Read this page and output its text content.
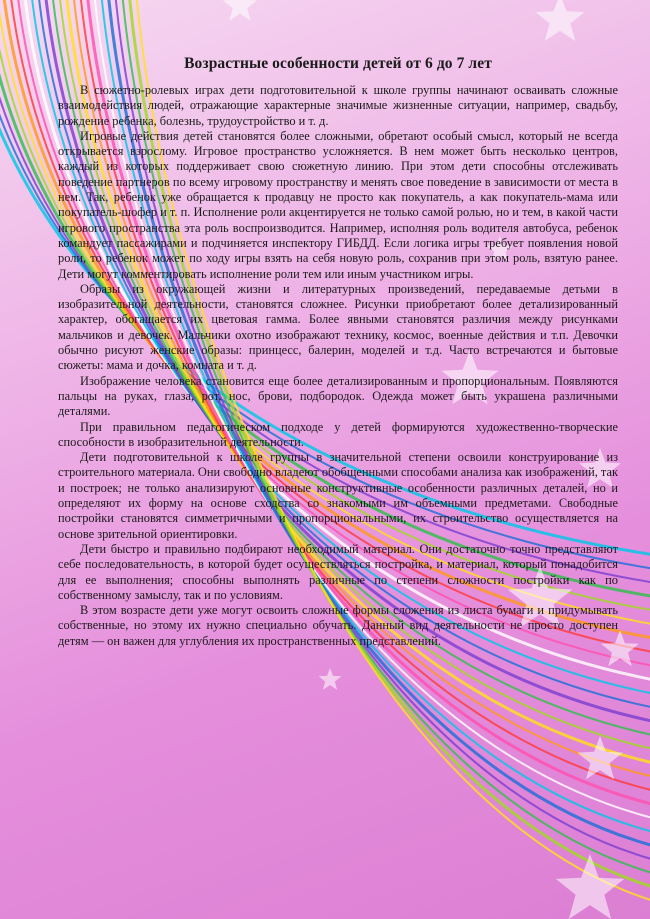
Возрастные особенности детей от 6 до 7 лет

В сюжетно-ролевых играх дети подготовительной к школе группы начинают осваивать сложные взаимодействия людей, отражающие характерные значимые жизненные ситуации, например, свадьбу, рождение ребенка, болезнь, трудоустройство и т. д.

Игровые действия детей становятся более сложными, обретают особый смысл, который не всегда открывается взрослому. Игровое пространство усложняется. В нем может быть несколько центров, каждый из которых поддерживает свою сюжетную линию. При этом дети способны отслеживать поведение партнеров по всему игровому пространству и менять свое поведение в зависимости от места в нем. Так, ребенок уже обращается к продавцу не просто как покупатель, а как покупатель-мама или покупатель-шофер и т. п. Исполнение роли акцентируется не только самой ролью, но и тем, в какой части игрового пространства эта роль воспроизводится. Например, исполняя роль водителя автобуса, ребенок командует пассажирами и подчиняется инспектору ГИБДД. Если логика игры требует появления новой роли, то ребенок может по ходу игры взять на себя новую роль, сохранив при этом роль, взятую ранее. Дети могут комментировать исполнение роли тем или иным участником игры.

Образы из окружающей жизни и литературных произведений, передаваемые детьми в изобразительной деятельности, становятся сложнее. Рисунки приобретают более детализированный характер, обогащается их цветовая гамма. Более явными становятся различия между рисунками мальчиков и девочек. Мальчики охотно изображают технику, космос, военные действия и т.п. Девочки обычно рисуют женские образы: принцесс, балерин, моделей и т.д. Часто встречаются и бытовые сюжеты: мама и дочка, комната и т. д.

Изображение человека становится еще более детализированным и пропорциональным. Появляются пальцы на руках, глаза, рот, нос, брови, подбородок. Одежда может быть украшена различными деталями.

При правильном педагогическом подходе у детей формируются художественно-творческие способности в изобразительной деятельности.

Дети подготовительной к школе группы в значительной степени освоили конструирование из строительного материала. Они свободно владеют обобщенными способами анализа как изображений, так и построек; не только анализируют основные конструктивные особенности различных деталей, но и определяют их форму на основе сходства со знакомыми им объемными предметами. Свободные постройки становятся симметричными и пропорциональными, их строительство осуществляется на основе зрительной ориентировки.

Дети быстро и правильно подбирают необходимый материал. Они достаточно точно представляют себе последовательность, в которой будет осуществляться постройка, и материал, который понадобится для ее выполнения; способны выполнять различные по степени сложности постройки как по собственному замыслу, так и по условиям.

В этом возрасте дети уже могут освоить сложные формы сложения из листа бумаги и придумывать собственные, но этому их нужно специально обучать. Данный вид деятельности не просто доступен детям — он важен для углубления их пространственных представлений.
